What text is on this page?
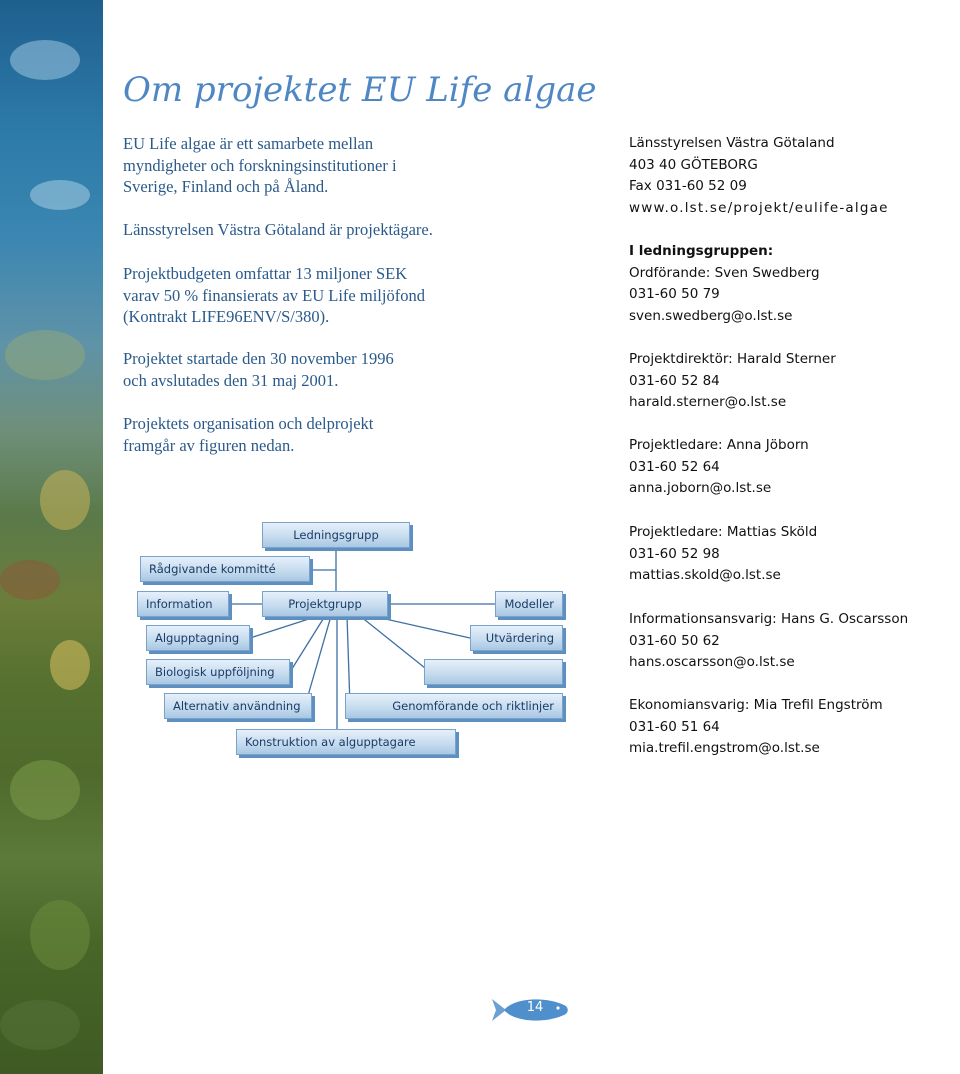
Om projektet EU Life algae

EU Life algae är ett samarbete mellan
myndigheter och forskningsinstitutioner i
Sverige, Finland och på Åland.

Länsstyrelsen Västra Götaland är projektägare.

Projektbudgeten omfattar 13 miljoner SEK
varav 50 % finansierats av EU Life miljöfond
(Kontrakt LIFE96ENV/S/380).

Projektet startade den 30 november 1996
och avslutades den 31 maj 2001.

Projektets organisation och delprojekt
framgår av figuren nedan.

Ledningsgrupp
Rådgivande kommitté
Information	Projektgrupp	Modeller
Algupptagning	Utvärdering
Biologisk uppföljning
Alternativ användning	Genomförande och riktlinjer
Konstruktion av algupptagare

Länsstyrelsen Västra Götaland
403 40 GÖTEBORG
Fax 031-60 52 09
www.o.lst.se/projekt/eulife-algae

I ledningsgruppen:
Ordförande: Sven Swedberg
031-60 50 79
sven.swedberg@o.lst.se

Projektdirektör: Harald Sterner
031-60 52 84
harald.sterner@o.lst.se

Projektledare: Anna Jöborn
031-60 52 64
anna.joborn@o.lst.se

Projektledare: Mattias Sköld
031-60 52 98
mattias.skold@o.lst.se

Informationsansvarig: Hans G. Oscarsson
031-60 50 62
hans.oscarsson@o.lst.se

Ekonomiansvarig: Mia Trefil Engström
031-60 51 64
mia.trefil.engstrom@o.lst.se

14
